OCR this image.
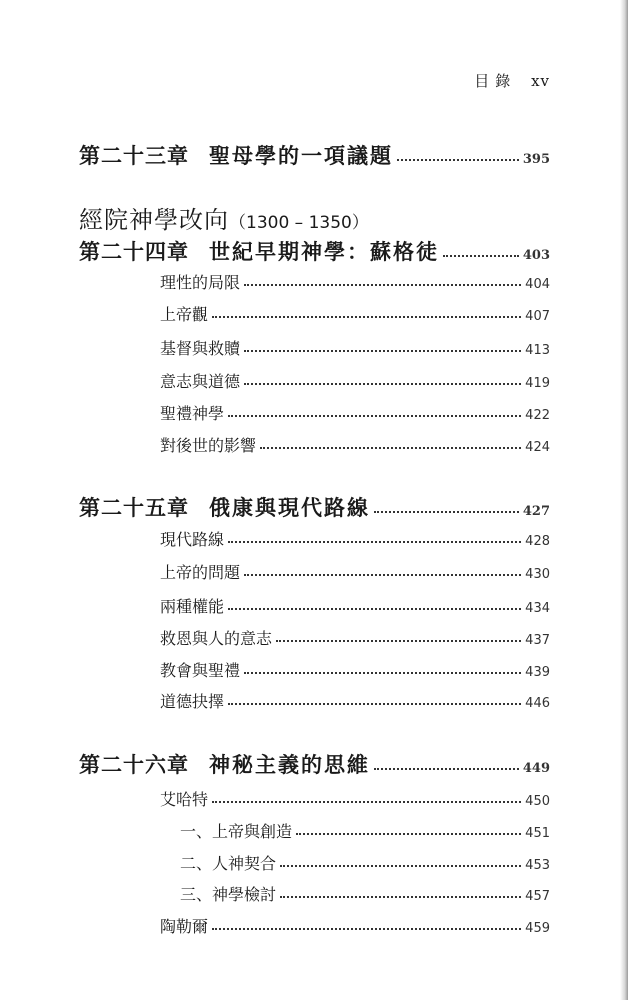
目錄 xv
第二十三章 聖母學的一項議題	395
經院神學改向（1300 – 1350）
第二十四章 世紀早期神學：蘇格徒	403
理性的局限	404
上帝觀	407
基督與救贖	413
意志與道德	419
聖禮神學	422
對後世的影響	424
第二十五章 俄康與現代路線	427
現代路線	428
上帝的問題	430
兩種權能	434
救恩與人的意志	437
教會與聖禮	439
道德抉擇	446
第二十六章 神秘主義的思維	449
艾哈特	450
一、上帝與創造	451
二、人神契合	453
三、神學檢討	457
陶勒爾	459
